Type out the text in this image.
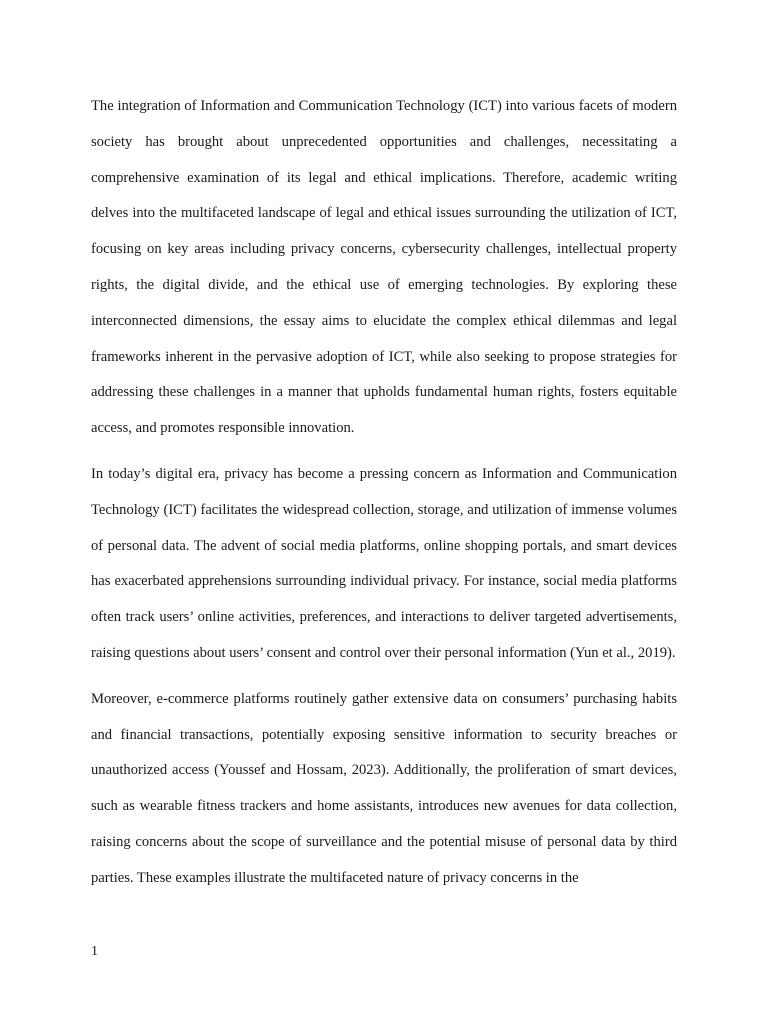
The integration of Information and Communication Technology (ICT) into various facets of modern society has brought about unprecedented opportunities and challenges, necessitating a comprehensive examination of its legal and ethical implications. Therefore, academic writing delves into the multifaceted landscape of legal and ethical issues surrounding the utilization of ICT, focusing on key areas including privacy concerns, cybersecurity challenges, intellectual property rights, the digital divide, and the ethical use of emerging technologies. By exploring these interconnected dimensions, the essay aims to elucidate the complex ethical dilemmas and legal frameworks inherent in the pervasive adoption of ICT, while also seeking to propose strategies for addressing these challenges in a manner that upholds fundamental human rights, fosters equitable access, and promotes responsible innovation.

In today’s digital era, privacy has become a pressing concern as Information and Communication Technology (ICT) facilitates the widespread collection, storage, and utilization of immense volumes of personal data. The advent of social media platforms, online shopping portals, and smart devices has exacerbated apprehensions surrounding individual privacy. For instance, social media platforms often track users’ online activities, preferences, and interactions to deliver targeted advertisements, raising questions about users’ consent and control over their personal information (Yun et al., 2019).

Moreover, e-commerce platforms routinely gather extensive data on consumers’ purchasing habits and financial transactions, potentially exposing sensitive information to security breaches or unauthorized access (Youssef and Hossam, 2023). Additionally, the proliferation of smart devices, such as wearable fitness trackers and home assistants, introduces new avenues for data collection, raising concerns about the scope of surveillance and the potential misuse of personal data by third parties. These examples illustrate the multifaceted nature of privacy concerns in the

1
